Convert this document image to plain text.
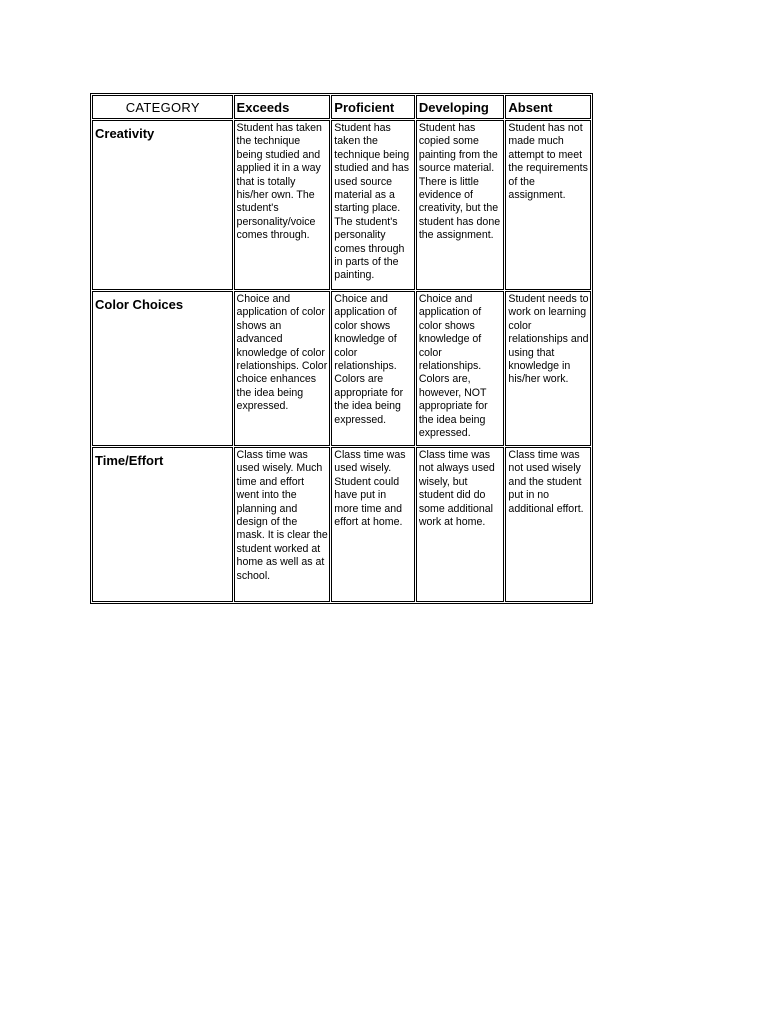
CATEGORY	Exceeds	Proficient	Developing	Absent
Creativity	Student has taken the technique being studied and applied it in a way that is totally his/her own. The student's personality/voice comes through.	Student has taken the technique being studied and has used source material as a starting place. The student's personality comes through in parts of the painting.	Student has copied some painting from the source material. There is little evidence of creativity, but the student has done the assignment.	Student has not made much attempt to meet the requirements of the assignment.
Color Choices	Choice and application of color shows an advanced knowledge of color relationships. Color choice enhances the idea being expressed.	Choice and application of color shows knowledge of color relationships. Colors are appropriate for the idea being expressed.	Choice and application of color shows knowledge of color relationships. Colors are, however, NOT appropriate for the idea being expressed.	Student needs to work on learning color relationships and using that knowledge in his/her work.
Time/Effort	Class time was used wisely. Much time and effort went into the planning and design of the mask. It is clear the student worked at home as well as at school.	Class time was used wisely. Student could have put in more time and effort at home.	Class time was not always used wisely, but student did do some additional work at home.	Class time was not used wisely and the student put in no additional effort.
